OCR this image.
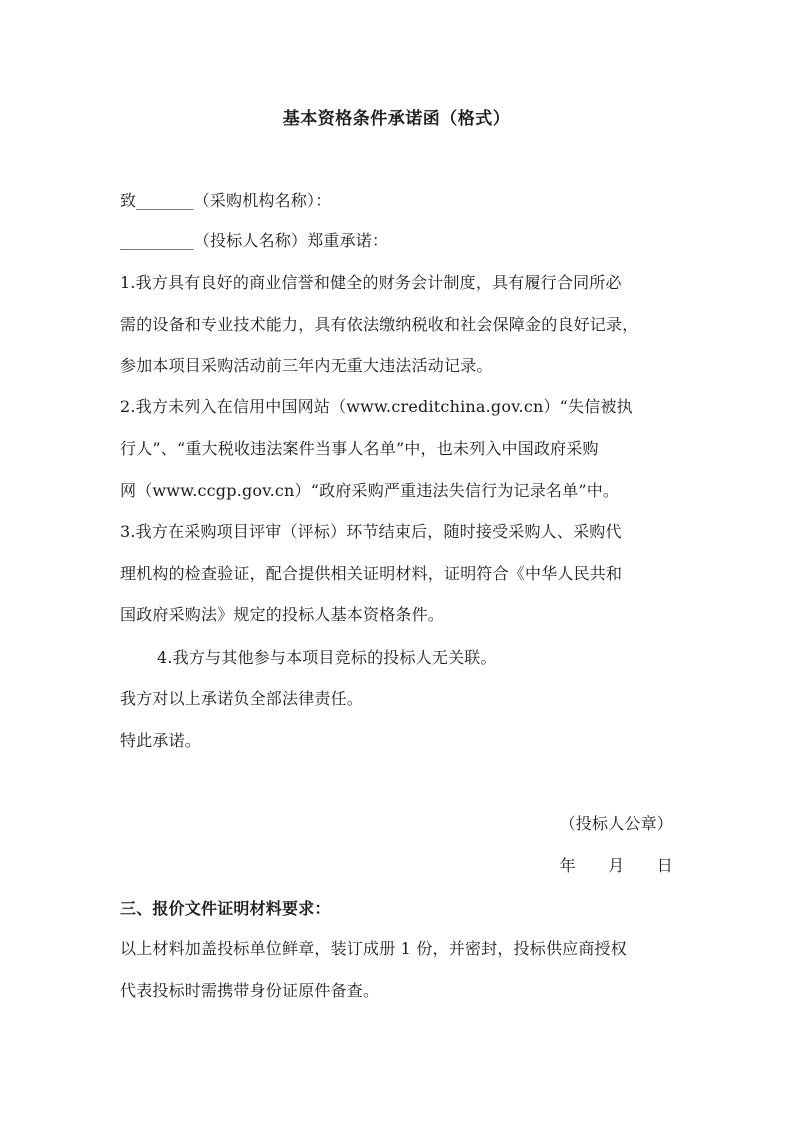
基本资格条件承诺函（格式）
致_______（采购机构名称）：
_________（投标人名称）郑重承诺：
1.我方具有良好的商业信誉和健全的财务会计制度，具有履行合同所必
需的设备和专业技术能力，具有依法缴纳税收和社会保障金的良好记录，
参加本项目采购活动前三年内无重大违法活动记录。
2.我方未列入在信用中国网站（www.creditchina.gov.cn）“失信被执
行人”、“重大税收违法案件当事人名单”中，也未列入中国政府采购
网（www.ccgp.gov.cn）“政府采购严重违法失信行为记录名单”中。
3.我方在采购项目评审（评标）环节结束后，随时接受采购人、采购代
理机构的检查验证，配合提供相关证明材料，证明符合《中华人民共和
国政府采购法》规定的投标人基本资格条件。
4.我方与其他参与本项目竞标的投标人无关联。
我方对以上承诺负全部法律责任。
特此承诺。
（投标人公章）
年　　月　　日
三、报价文件证明材料要求：
以上材料加盖投标单位鲜章，装订成册 1 份，并密封，投标供应商授权
代表投标时需携带身份证原件备查。
